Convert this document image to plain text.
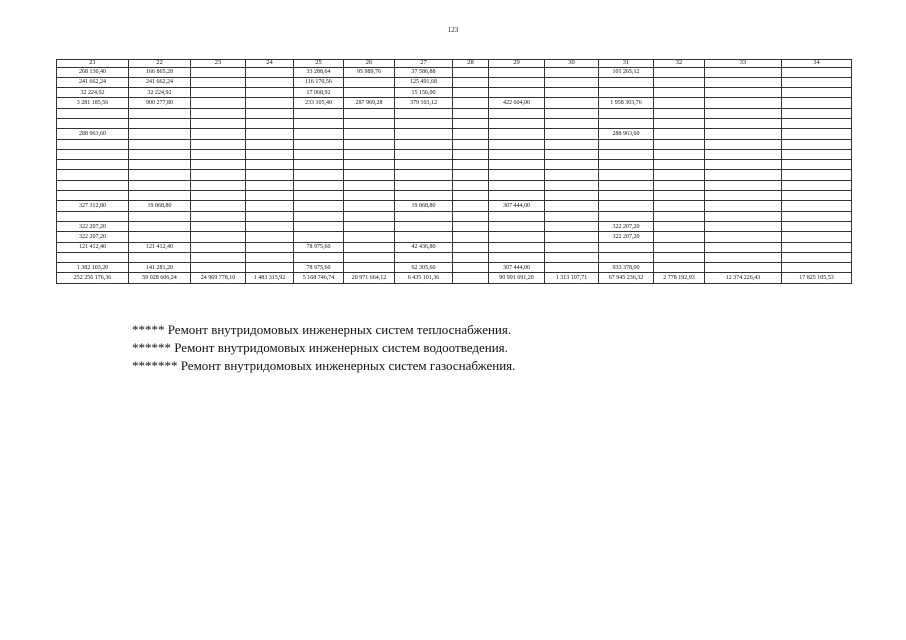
123
21	22	23	24	25	26	27	28	29	30	31	32	33	34
268 130,40	166 865,28			33 288,64	95 989,76	37 586,88				101 265,12			
241 662,24	241 662,24			116 170,56		125 491,68							
32 224,92	32 224,92			17 068,92		15 156,00							
3 281 185,56	900 277,80			233 105,40	287 969,28	379 103,12		422 604,00		1 958 303,76			

288 963,60										288 963,60			

327 312,80	19 868,80					19 868,80		307 444,00					

322 207,20										322 207,20			
322 207,20										322 207,20			
121 412,40	121 412,40			78 975,60		42 436,80							

1 382 103,20	141 281,20			78 975,60		62 305,60		307 444,00		933 378,00			
252 256 176,36	59 028 606,24	24 969 778,10	1 483 315,92	5 168 746,74	20 971 664,12	6 435 101,36		90 991 691,20	1 313 107,71	67 945 236,32	2 778 192,93	12 374 226,43	17 825 105,53
***** Ремонт внутридомовых инженерных систем теплоснабжения.
****** Ремонт внутридомовых инженерных систем водоотведения.
******* Ремонт внутридомовых инженерных систем газоснабжения.
